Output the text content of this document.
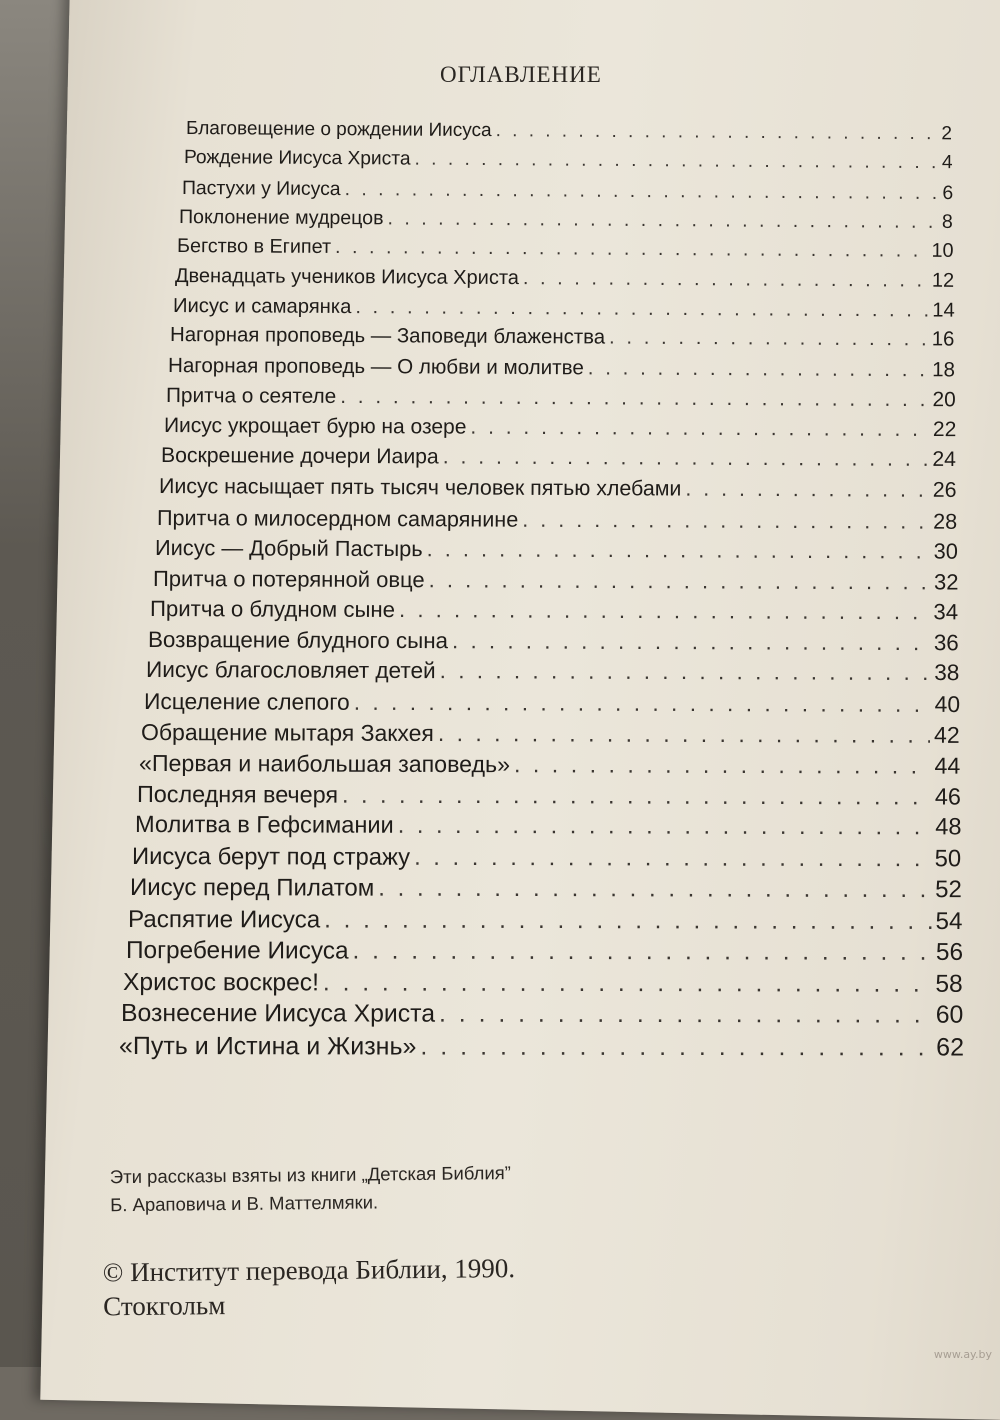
ОГЛАВЛЕНИЕ
Благовещение о рождении Иисуса . . .	2
Рождение Иисуса Христа . . .	4
Пастухи у Иисуса . . .	6
Поклонение мудрецов . . .	8
Бегство в Египет . . .	10
Двенадцать учеников Иисуса Христа . . .	12
Иисус и самарянка . . .	14
Нагорная проповедь — Заповеди блаженства . . .	16
Нагорная проповедь — О любви и молитве . . .	18
Притча о сеятеле . . .	20
Иисус укрощает бурю на озере . . .	22
Воскрешение дочери Иаира . . .	24
Иисус насыщает пять тысяч человек пятью хлебами . . .	26
Притча о милосердном самарянине . . .	28
Иисус — Добрый Пастырь . . .	30
Притча о потерянной овце . . .	32
Притча о блудном сыне . . .	34
Возвращение блудного сына . . .	36
Иисус благословляет детей . . .	38
Исцеление слепого . . .	40
Обращение мытаря Закхея . . .	42
«Первая и наибольшая заповедь» . . .	44
Последняя вечеря . . .	46
Молитва в Гефсимании . . .	48
Иисуса берут под стражу . . .	50
Иисус перед Пилатом . . .	52
Распятие Иисуса . . .	54
Погребение Иисуса . . .	56
Христос воскрес! . . .	58
Вознесение Иисуса Христа . . .	60
«Путь и Истина и Жизнь» . . .	62
Эти рассказы взяты из книги „Детская Библия”
Б. Араповича и В. Маттелмяки.
© Институт перевода Библии, 1990.
Стокгольм
www.ay.by
